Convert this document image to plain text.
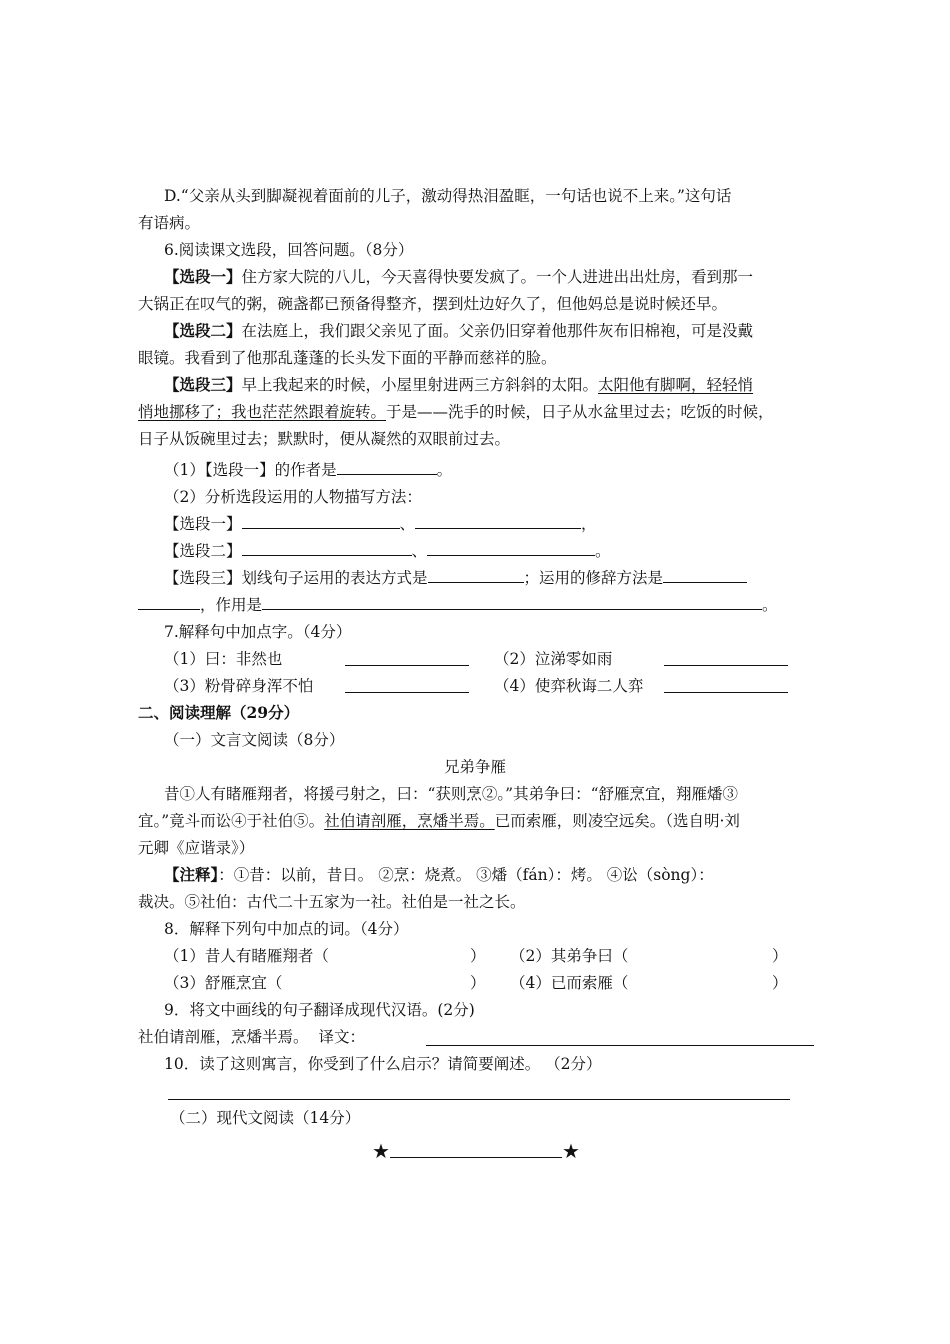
D.“父亲从头到脚凝视着面前的儿子，激动得热泪盈眶，一句话也说不上来。”这句话
有语病。
6.阅读课文选段，回答问题。（8分）
【选段一】住方家大院的八儿，今天喜得快要发疯了。一个人进进出出灶房，看到那一
大锅正在叹气的粥，碗盏都已预备得整齐，摆到灶边好久了，但他妈总是说时候还早。
【选段二】在法庭上，我们跟父亲见了面。父亲仍旧穿着他那件灰布旧棉袍，可是没戴
眼镜。我看到了他那乱蓬蓬的长头发下面的平静而慈祥的脸。
【选段三】早上我起来的时候，小屋里射进两三方斜斜的太阳。太阳他有脚啊，轻轻悄
悄地挪移了；我也茫茫然跟着旋转。于是——洗手的时候，日子从水盆里过去；吃饭的时候，
日子从饭碗里过去；默默时，便从凝然的双眼前过去。
（1）【选段一】的作者是	。
（2）分析选段运用的人物描写方法：
【选段一】	、	，
【选段二】	、	。
【选段三】划线句子运用的表达方式是	；运用的修辞方法是
，作用是	。
7.解释句中加点字。（4分）
（1）曰：非然也	（2）泣涕零如雨
（3）粉骨碎身浑不怕	（4）使弈秋诲二人弈
二、阅读理解（29分）
（一）文言文阅读（8分）
兄弟争雁
昔①人有睹雁翔者，将援弓射之，曰：“获则烹②。”其弟争曰：“舒雁烹宜，翔雁燔③
宜。”竟斗而讼④于社伯⑤。社伯请剖雁，烹燔半焉。已而索雁，则凌空远矣。（选自明·刘
元卿《应谐录》）
【注释】：①昔：以前，昔日。 ②烹：烧煮。 ③燔（fán）：烤。 ④讼（sòng）：
裁决。⑤社伯：古代二十五家为一社。社伯是一社之长。
8．解释下列句中加点的词。（4分）
（1）昔人有睹雁翔者（	） （2）其弟争曰（	）
（3）舒雁烹宜（	） （4）已而索雁（	）
9．将文中画线的句子翻译成现代汉语。(2分)
社伯请剖雁，烹燔半焉。 译文：
10．读了这则寓言，你受到了什么启示？请简要阐述。 （2分）
（二）现代文阅读（14分）
★	★
